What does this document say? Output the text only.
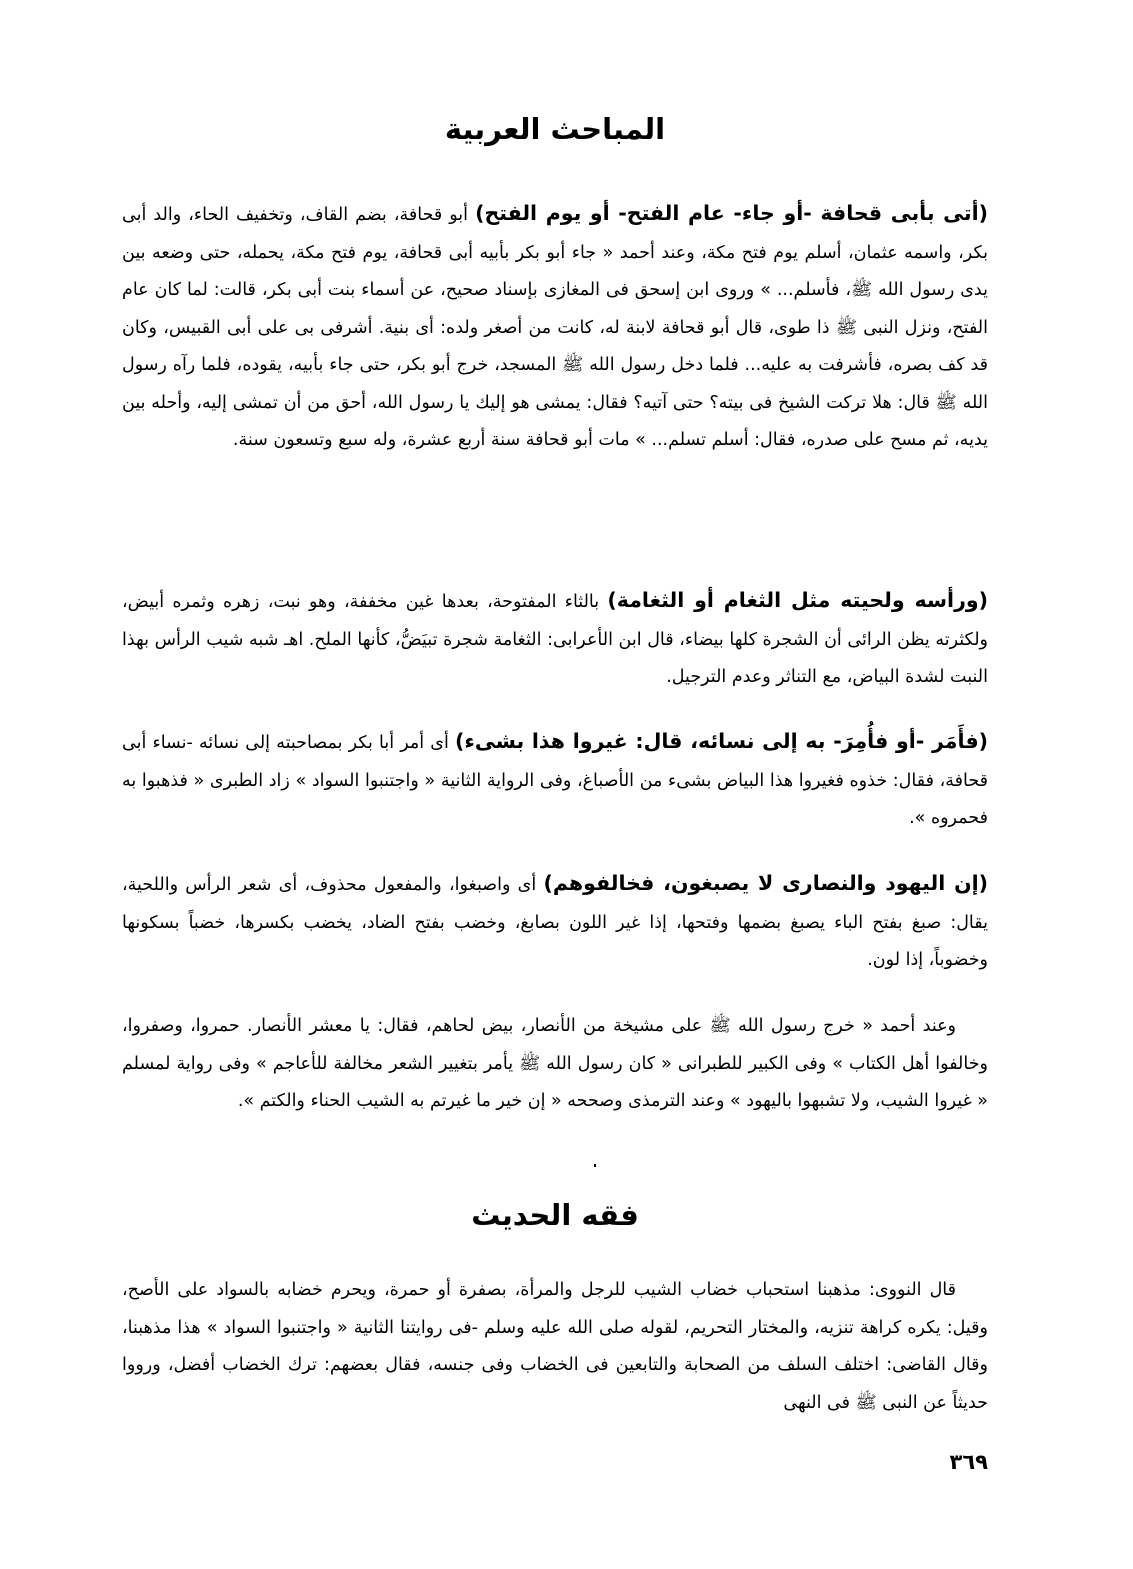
المباحث العربية

(أتى بأبى قحافة -أو جاء- عام الفتح- أو يوم الفتح) أبو قحافة، بضم القاف، وتخفيف الحاء، والد أبى بكر، واسمه عثمان، أسلم يوم فتح مكة، وعند أحمد « جاء أبو بكر بأبيه أبى قحافة، يوم فتح مكة، يحمله، حتى وضعه بين يدى رسول الله ﷺ، فأسلم... » وروى ابن إسحق فى المغازى بإسناد صحيح، عن أسماء بنت أبى بكر، قالت: لما كان عام الفتح، ونزل النبى ﷺ ذا طوى، قال أبو قحافة لابنة له، كانت من أصغر ولده: أى بنية. أشرفى بى على أبى القبيس، وكان قد كف بصره، فأشرفت به عليه... فلما دخل رسول الله ﷺ المسجد، خرج أبو بكر، حتى جاء بأبيه، يقوده، فلما رآه رسول الله ﷺ قال: هلا تركت الشيخ فى بيته؟ حتى آتيه؟ فقال: يمشى هو إليك يا رسول الله، أحق من أن تمشى إليه، وأحله بين يديه، ثم مسح على صدره، فقال: أسلم تسلم... » مات أبو قحافة سنة أربع عشرة، وله سبع وتسعون سنة.

(ورأسه ولحيته مثل الثغام أو الثغامة) بالثاء المفتوحة، بعدها غين مخففة، وهو نبت، زهره وثمره أبيض، ولكثرته يظن الرائى أن الشجرة كلها بيضاء، قال ابن الأعرابى: الثغامة شجرة تبيَضُّ، كأنها الملح. اهـ شبه شيب الرأس بهذا النبت لشدة البياض، مع التناثر وعدم الترجيل.

(فأَمَر -أو فأُمِرَ- به إلى نسائه، قال: غيروا هذا بشىء) أى أمر أبا بكر بمصاحبته إلى نسائه -نساء أبى قحافة، فقال: خذوه فغيروا هذا البياض بشىء من الأصباغ، وفى الرواية الثانية « واجتنبوا السواد » زاد الطبرى « فذهبوا به فحمروه ».

(إن اليهود والنصارى لا يصبغون، فخالفوهم) أى واصبغوا، والمفعول محذوف، أى شعر الرأس واللحية، يقال: صبغ بفتح الباء يصبغ بضمها وفتحها، إذا غير اللون بصابغ، وخضب بفتح الضاد، يخضب بكسرها، خضباً بسكونها وخضوباً، إذا لون.

وعند أحمد « خرج رسول الله ﷺ على مشيخة من الأنصار، بيض لحاهم، فقال: يا معشر الأنصار. حمروا، وصفروا، وخالفوا أهل الكتاب » وفى الكبير للطبرانى « كان رسول الله ﷺ يأمر بتغيير الشعر مخالفة للأعاجم » وفى رواية لمسلم « غيروا الشيب، ولا تشبهوا باليهود » وعند الترمذى وصححه « إن خير ما غيرتم به الشيب الحناء والكتم ».

فقه الحديث

قال النووى: مذهبنا استحباب خضاب الشيب للرجل والمرأة، بصفرة أو حمرة، ويحرم خضابه بالسواد على الأصح، وقيل: يكره كراهة تنزيه، والمختار التحريم، لقوله صلى الله عليه وسلم -فى روايتنا الثانية « واجتنبوا السواد » هذا مذهبنا، وقال القاضى: اختلف السلف من الصحابة والتابعين فى الخضاب وفى جنسه، فقال بعضهم: ترك الخضاب أفضل، ورووا حديثاً عن النبى ﷺ فى النهى

٣٦٩
